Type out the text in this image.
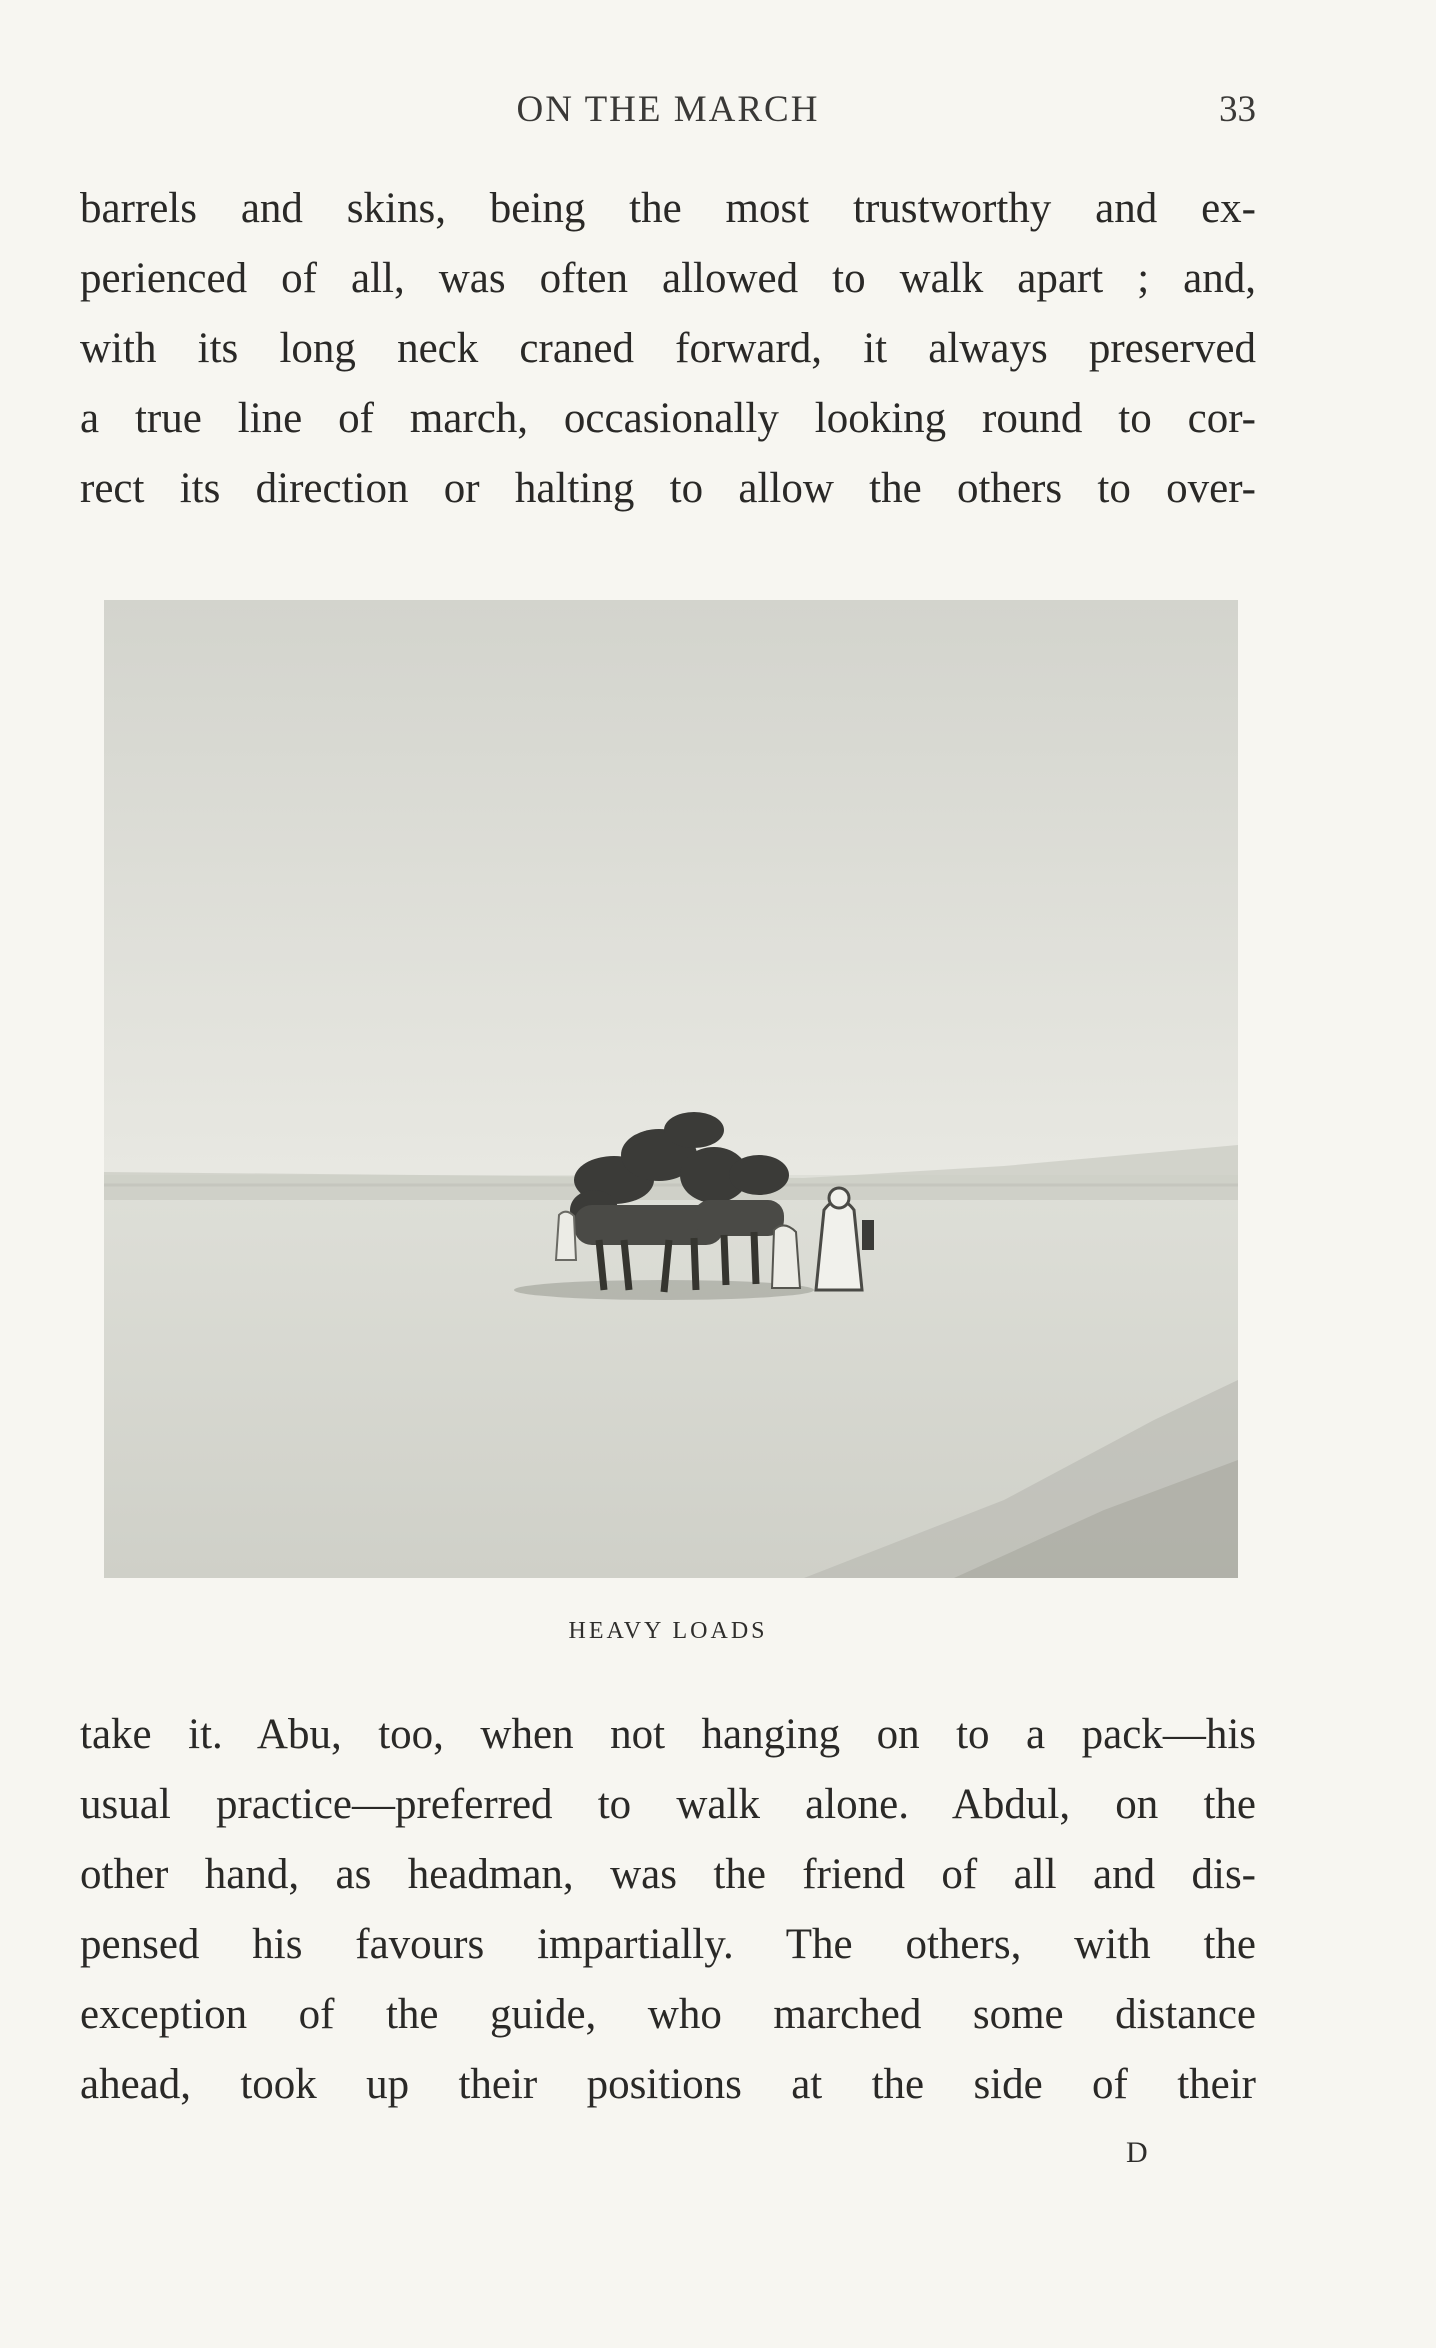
ON THE MARCH	33
barrels and skins, being the most trustworthy and ex-
perienced of all, was often allowed to walk apart ; and,
with its long neck craned forward, it always preserved
a true line of march, occasionally looking round to cor-
rect its direction or halting to allow the others to over-
HEAVY LOADS
take it. Abu, too, when not hanging on to a pack—his
usual practice—preferred to walk alone. Abdul, on the
other hand, as headman, was the friend of all and dis-
pensed his favours impartially. The others, with the
exception of the guide, who marched some distance
ahead, took up their positions at the side of their
D
